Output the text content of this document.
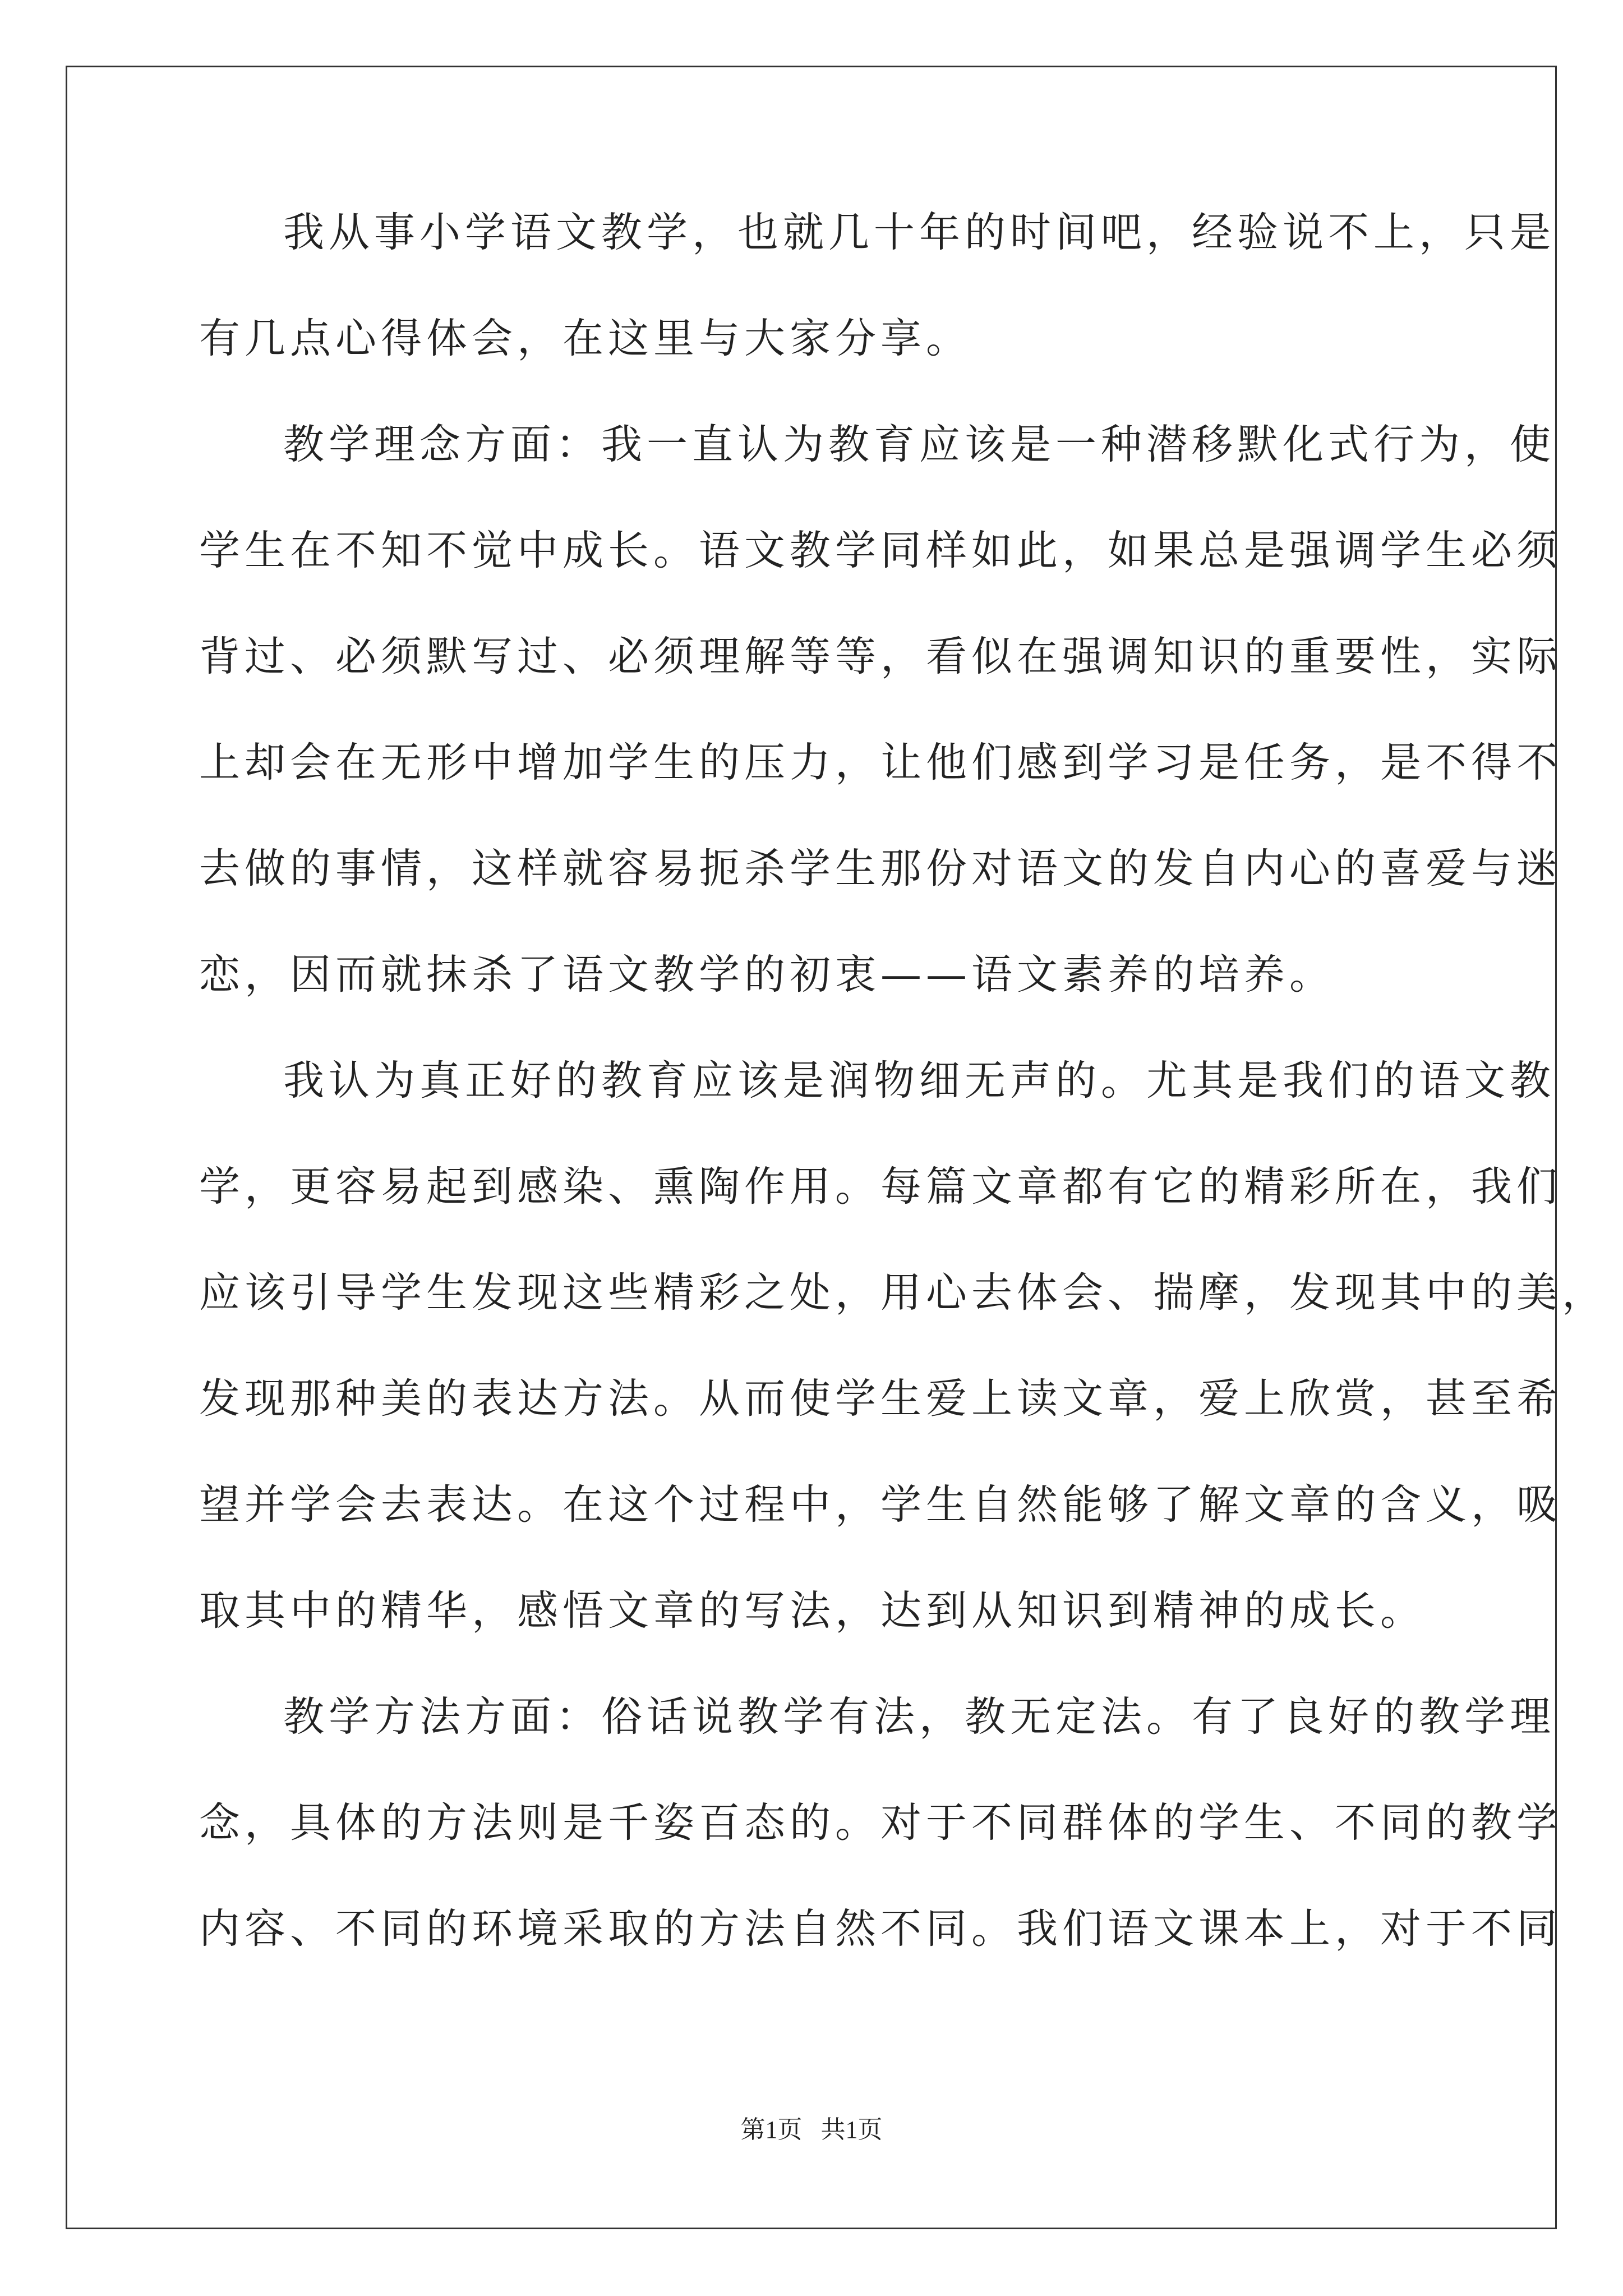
我从事小学语文教学，也就几十年的时间吧，经验说不上，只是
有几点心得体会，在这里与大家分享。
教学理念方面：我一直认为教育应该是一种潜移默化式行为，使
学生在不知不觉中成长。语文教学同样如此，如果总是强调学生必须
背过、必须默写过、必须理解等等，看似在强调知识的重要性，实际
上却会在无形中增加学生的压力，让他们感到学习是任务，是不得不
去做的事情，这样就容易扼杀学生那份对语文的发自内心的喜爱与迷
恋，因而就抹杀了语文教学的初衷——语文素养的培养。
我认为真正好的教育应该是润物细无声的。尤其是我们的语文教
学，更容易起到感染、熏陶作用。每篇文章都有它的精彩所在，我们
应该引导学生发现这些精彩之处，用心去体会、揣摩，发现其中的美，
发现那种美的表达方法。从而使学生爱上读文章，爱上欣赏，甚至希
望并学会去表达。在这个过程中，学生自然能够了解文章的含义，吸
取其中的精华，感悟文章的写法，达到从知识到精神的成长。
教学方法方面：俗话说教学有法，教无定法。有了良好的教学理
念，具体的方法则是千姿百态的。对于不同群体的学生、不同的教学
内容、不同的环境采取的方法自然不同。我们语文课本上，对于不同
第1页   共1页
